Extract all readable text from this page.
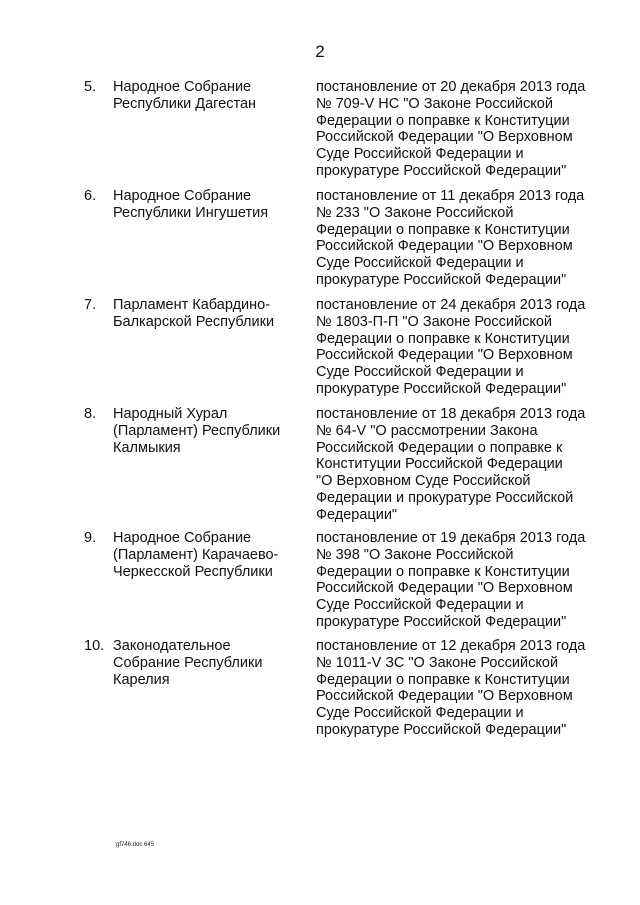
2
5. Народное Собрание
Республики Дагестан
постановление от 20 декабря 2013 года
№ 709-V НС "О Законе Российской
Федерации о поправке к Конституции
Российской Федерации "О Верховном
Суде Российской Федерации и
прокуратуре Российской Федерации"
6. Народное Собрание
Республики Ингушетия
постановление от 11 декабря 2013 года
№ 233 "О Законе Российской
Федерации о поправке к Конституции
Российской Федерации "О Верховном
Суде Российской Федерации и
прокуратуре Российской Федерации"
7. Парламент Кабардино-
Балкарской Республики
постановление от 24 декабря 2013 года
№ 1803-П-П "О Законе Российской
Федерации о поправке к Конституции
Российской Федерации "О Верховном
Суде Российской Федерации и
прокуратуре Российской Федерации"
8. Народный Хурал
(Парламент) Республики
Калмыкия
постановление от 18 декабря 2013 года
№ 64-V "О рассмотрении Закона
Российской Федерации о поправке к
Конституции Российской Федерации
"О Верховном Суде Российской
Федерации и прокуратуре Российской
Федерации"
9. Народное Собрание
(Парламент) Карачаево-
Черкесской Республики
постановление от 19 декабря 2013 года
№ 398 "О Законе Российской
Федерации о поправке к Конституции
Российской Федерации "О Верховном
Суде Российской Федерации и
прокуратуре Российской Федерации"
10. Законодательное
Собрание Республики
Карелия
постановление от 12 декабря 2013 года
№ 1011-V ЗС "О Законе Российской
Федерации о поправке к Конституции
Российской Федерации "О Верховном
Суде Российской Федерации и
прокуратуре Российской Федерации"
gf746.doc 645
